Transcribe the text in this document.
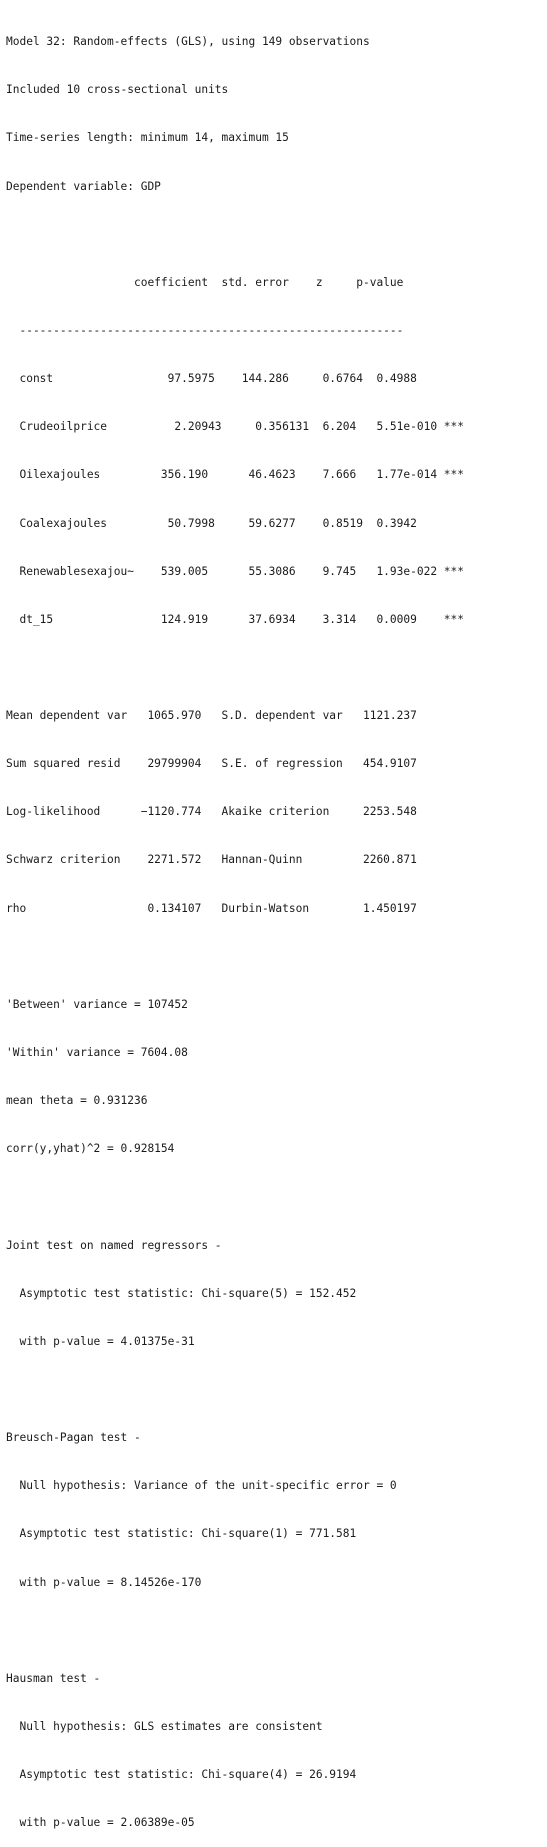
Model 32: Random-effects (GLS), using 149 observations

Included 10 cross-sectional units

Time-series length: minimum 14, maximum 15

Dependent variable: GDP

coefficient  std. error    z     p-value

---------------------------------------------------------

const                 97.5975    144.286     0.6764  0.4988

Crudeoilprice          2.20943     0.356131  6.204   5.51e-010 ***

Oilexajoules         356.190      46.4623    7.666   1.77e-014 ***

Coalexajoules         50.7998     59.6277    0.8519  0.3942

Renewablesexajou~    539.005      55.3086    9.745   1.93e-022 ***

dt_15                124.919      37.6934    3.314   0.0009    ***

Mean dependent var   1065.970   S.D. dependent var   1121.237

Sum squared resid    29799904   S.E. of regression   454.9107

Log-likelihood      −1120.774   Akaike criterion     2253.548

Schwarz criterion    2271.572   Hannan-Quinn         2260.871

rho                  0.134107   Durbin-Watson        1.450197

'Between' variance = 107452

'Within' variance = 7604.08

mean theta = 0.931236

corr(y,yhat)^2 = 0.928154

Joint test on named regressors -

Asymptotic test statistic: Chi-square(5) = 152.452

with p-value = 4.01375e-31

Breusch-Pagan test -

Null hypothesis: Variance of the unit-specific error = 0

Asymptotic test statistic: Chi-square(1) = 771.581

with p-value = 8.14526e-170

Hausman test -

Null hypothesis: GLS estimates are consistent

Asymptotic test statistic: Chi-square(4) = 26.9194

with p-value = 2.06389e-05
